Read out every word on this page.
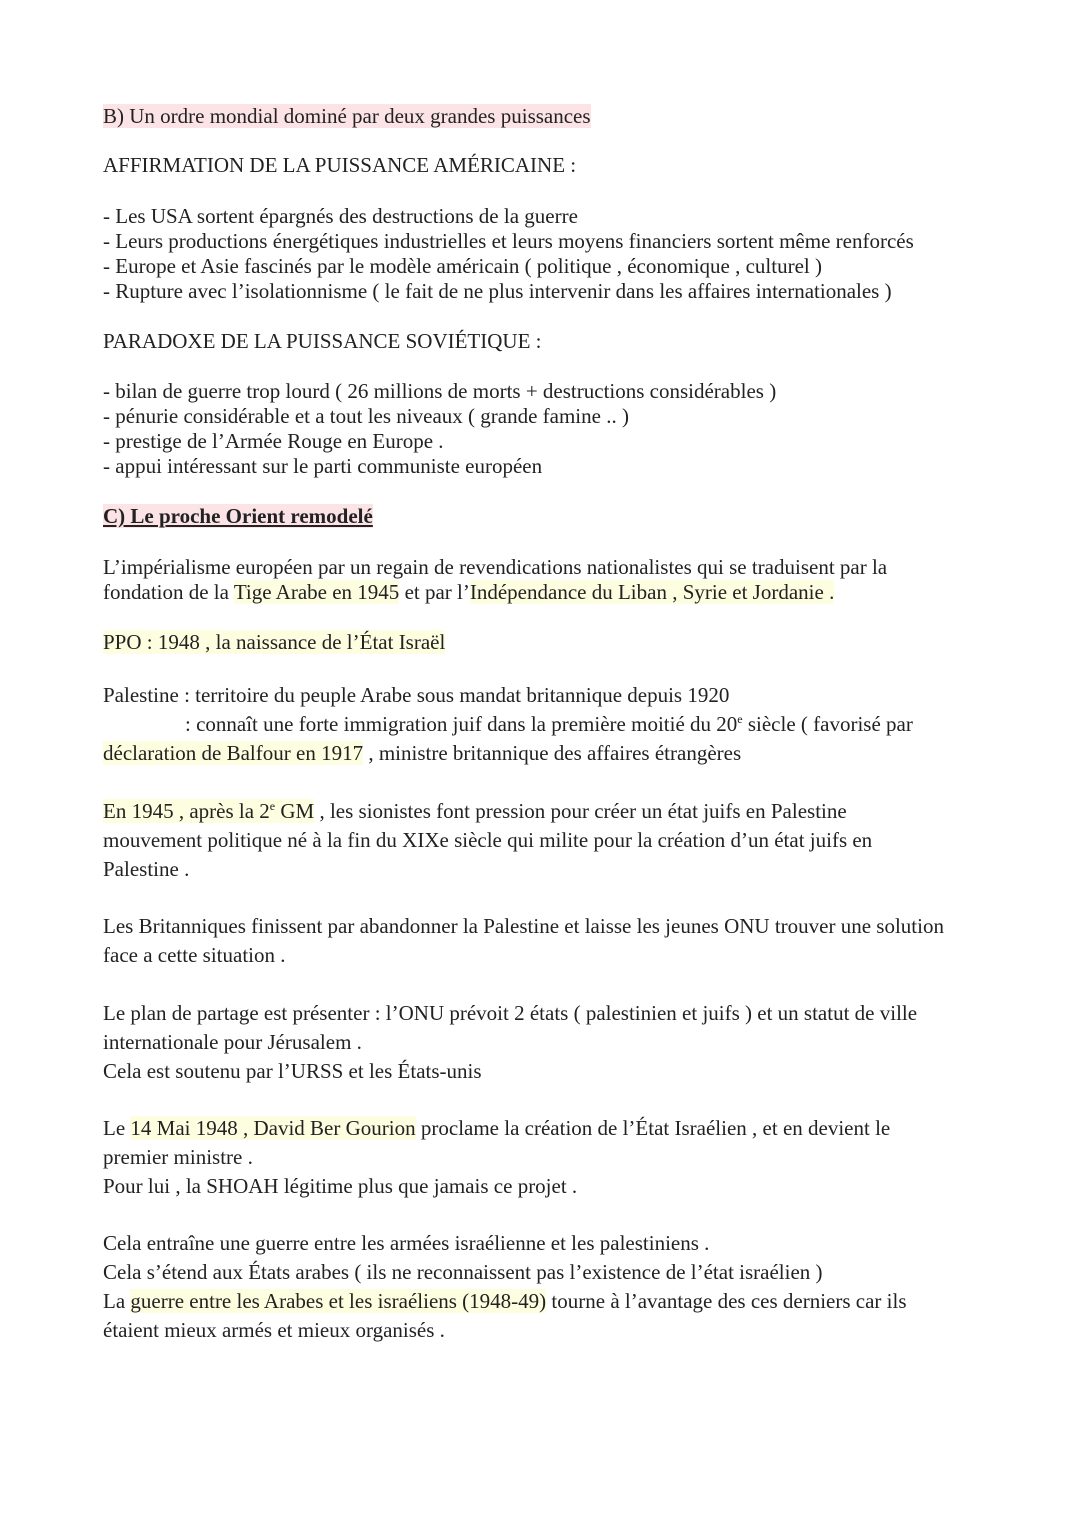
B) Un ordre mondial dominé par deux grandes puissances
AFFIRMATION DE LA PUISSANCE AMÉRICAINE :
- Les USA sortent épargnés des destructions de la guerre
- Leurs productions énergétiques industrielles et leurs moyens financiers sortent même renforcés
- Europe et Asie fascinés par le modèle américain ( politique , économique , culturel )
- Rupture avec l’isolationnisme ( le fait de ne plus intervenir dans les affaires internationales )
PARADOXE DE LA PUISSANCE SOVIÉTIQUE :
- bilan de guerre trop lourd ( 26 millions de morts + destructions considérables )
- pénurie considérable et a tout les niveaux ( grande famine .. )
- prestige de l’Armée Rouge en Europe .
- appui intéressant sur le parti communiste européen
C) Le proche Orient remodelé
L’impérialisme européen par un regain de revendications nationalistes qui se traduisent par la
fondation de la Tige Arabe en 1945 et par l’Indépendance du Liban , Syrie et Jordanie .
PPO : 1948 , la naissance de l’État Israël
Palestine : territoire du peuple Arabe sous mandat britannique depuis 1920
: connaît une forte immigration juif dans la première moitié du 20e siècle ( favorisé par
déclaration de Balfour en 1917 , ministre britannique des affaires étrangères
En 1945 , après la 2e GM , les sionistes font pression pour créer un état juifs en Palestine
mouvement politique né à la fin du XIXe siècle qui milite pour la création d’un état juifs en
Palestine .
Les Britanniques finissent par abandonner la Palestine et laisse les jeunes ONU trouver une solution
face a cette situation .
Le plan de partage est présenter : l’ONU prévoit 2 états ( palestinien et juifs ) et un statut de ville
internationale pour Jérusalem .
Cela est soutenu par l’URSS et les États-unis
Le 14 Mai 1948 , David Ber Gourion proclame la création de l’État Israélien , et en devient le
premier ministre .
Pour lui , la SHOAH légitime plus que jamais ce projet .
Cela entraîne une guerre entre les armées israélienne et les palestiniens .
Cela s’étend aux États arabes ( ils ne reconnaissent pas l’existence de l’état israélien )
La guerre entre les Arabes et les israéliens (1948-49) tourne à l’avantage des ces derniers car ils
étaient mieux armés et mieux organisés .
